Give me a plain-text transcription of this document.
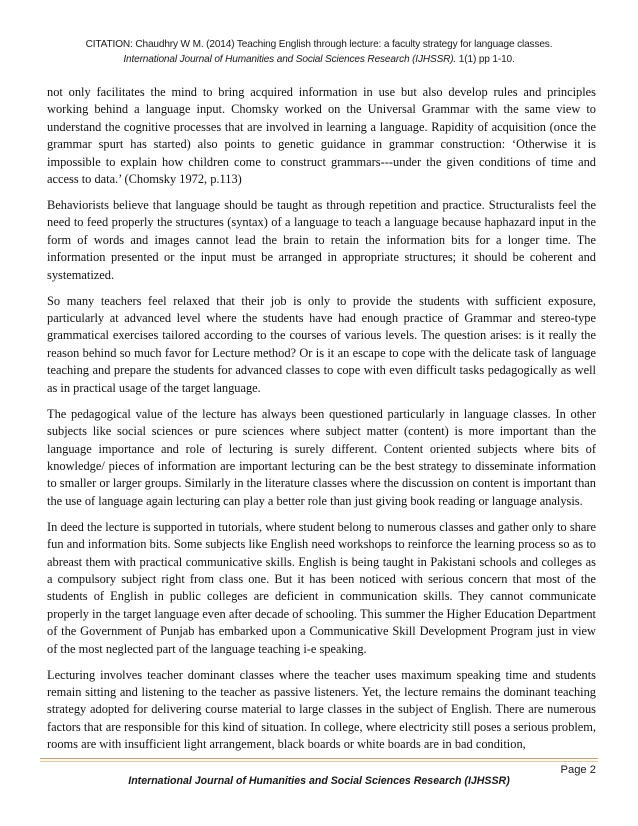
CITATION: Chaudhry W M. (2014) Teaching English through lecture: a faculty strategy for language classes.
International Journal of Humanities and Social Sciences Research (IJHSSR). 1(1) pp 1-10.

not only facilitates the mind to bring acquired information in use but also develop rules and principles working behind a language input. Chomsky worked on the Universal Grammar with the same view to understand the cognitive processes that are involved in learning a language. Rapidity of acquisition (once the grammar spurt has started) also points to genetic guidance in grammar construction: ‘Otherwise it is impossible to explain how children come to construct grammars---under the given conditions of time and access to data.’ (Chomsky 1972, p.113)

Behaviorists believe that language should be taught as through repetition and practice. Structuralists feel the need to feed properly the structures (syntax) of a language to teach a language because haphazard input in the form of words and images cannot lead the brain to retain the information bits for a longer time. The information presented or the input must be arranged in appropriate structures; it should be coherent and systematized.

So many teachers feel relaxed that their job is only to provide the students with sufficient exposure, particularly at advanced level where the students have had enough practice of Grammar and stereo-type grammatical exercises tailored according to the courses of various levels. The question arises: is it really the reason behind so much favor for Lecture method? Or is it an escape to cope with the delicate task of language teaching and prepare the students for advanced classes to cope with even difficult tasks pedagogically as well as in practical usage of the target language.

The pedagogical value of the lecture has always been questioned particularly in language classes. In other subjects like social sciences or pure sciences where subject matter (content) is more important than the language importance and role of lecturing is surely different. Content oriented subjects where bits of knowledge/ pieces of information are important lecturing can be the best strategy to disseminate information to smaller or larger groups. Similarly in the literature classes where the discussion on content is important than the use of language again lecturing can play a better role than just giving book reading or language analysis.

In deed the lecture is supported in tutorials, where student belong to numerous classes and gather only to share fun and information bits. Some subjects like English need workshops to reinforce the learning process so as to abreast them with practical communicative skills. English is being taught in Pakistani schools and colleges as a compulsory subject right from class one. But it has been noticed with serious concern that most of the students of English in public colleges are deficient in communication skills. They cannot communicate properly in the target language even after decade of schooling. This summer the Higher Education Department of the Government of Punjab has embarked upon a Communicative Skill Development Program just in view of the most neglected part of the language teaching i-e speaking.

Lecturing involves teacher dominant classes where the teacher uses maximum speaking time and students remain sitting and listening to the teacher as passive listeners. Yet, the lecture remains the dominant teaching strategy adopted for delivering course material to large classes in the subject of English. There are numerous factors that are responsible for this kind of situation. In college, where electricity still poses a serious problem, rooms are with insufficient light arrangement, black boards or white boards are in bad condition,

Page 2
International Journal of Humanities and Social Sciences Research (IJHSSR)
